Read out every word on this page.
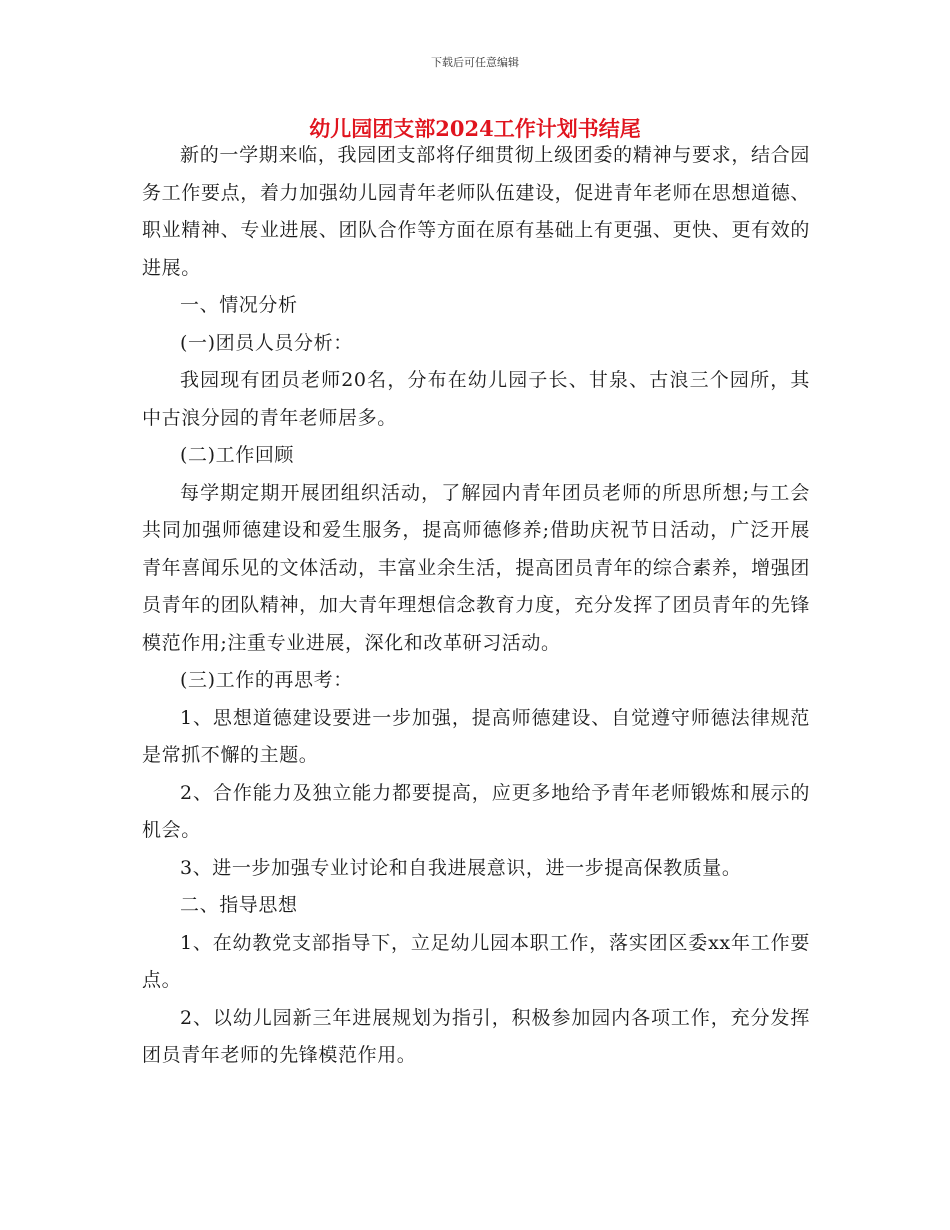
下载后可任意编辑
幼儿园团支部2024工作计划书结尾

新的一学期来临，我园团支部将仔细贯彻上级团委的精神与要求，结合园务工作要点，着力加强幼儿园青年老师队伍建设，促进青年老师在思想道德、职业精神、专业进展、团队合作等方面在原有基础上有更强、更快、更有效的进展。

一、情况分析

(一)团员人员分析：

我园现有团员老师20名，分布在幼儿园子长、甘泉、古浪三个园所，其中古浪分园的青年老师居多。

(二)工作回顾

每学期定期开展团组织活动，了解园内青年团员老师的所思所想;与工会共同加强师德建设和爱生服务，提高师德修养;借助庆祝节日活动，广泛开展青年喜闻乐见的文体活动，丰富业余生活，提高团员青年的综合素养，增强团员青年的团队精神，加大青年理想信念教育力度，充分发挥了团员青年的先锋模范作用;注重专业进展，深化和改革研习活动。

(三)工作的再思考：

1、思想道德建设要进一步加强，提高师德建设、自觉遵守师德法律规范是常抓不懈的主题。

2、合作能力及独立能力都要提高，应更多地给予青年老师锻炼和展示的机会。

3、进一步加强专业讨论和自我进展意识，进一步提高保教质量。

二、指导思想

1、在幼教党支部指导下，立足幼儿园本职工作，落实团区委xx年工作要点。

2、以幼儿园新三年进展规划为指引，积极参加园内各项工作，充分发挥团员青年老师的先锋模范作用。
